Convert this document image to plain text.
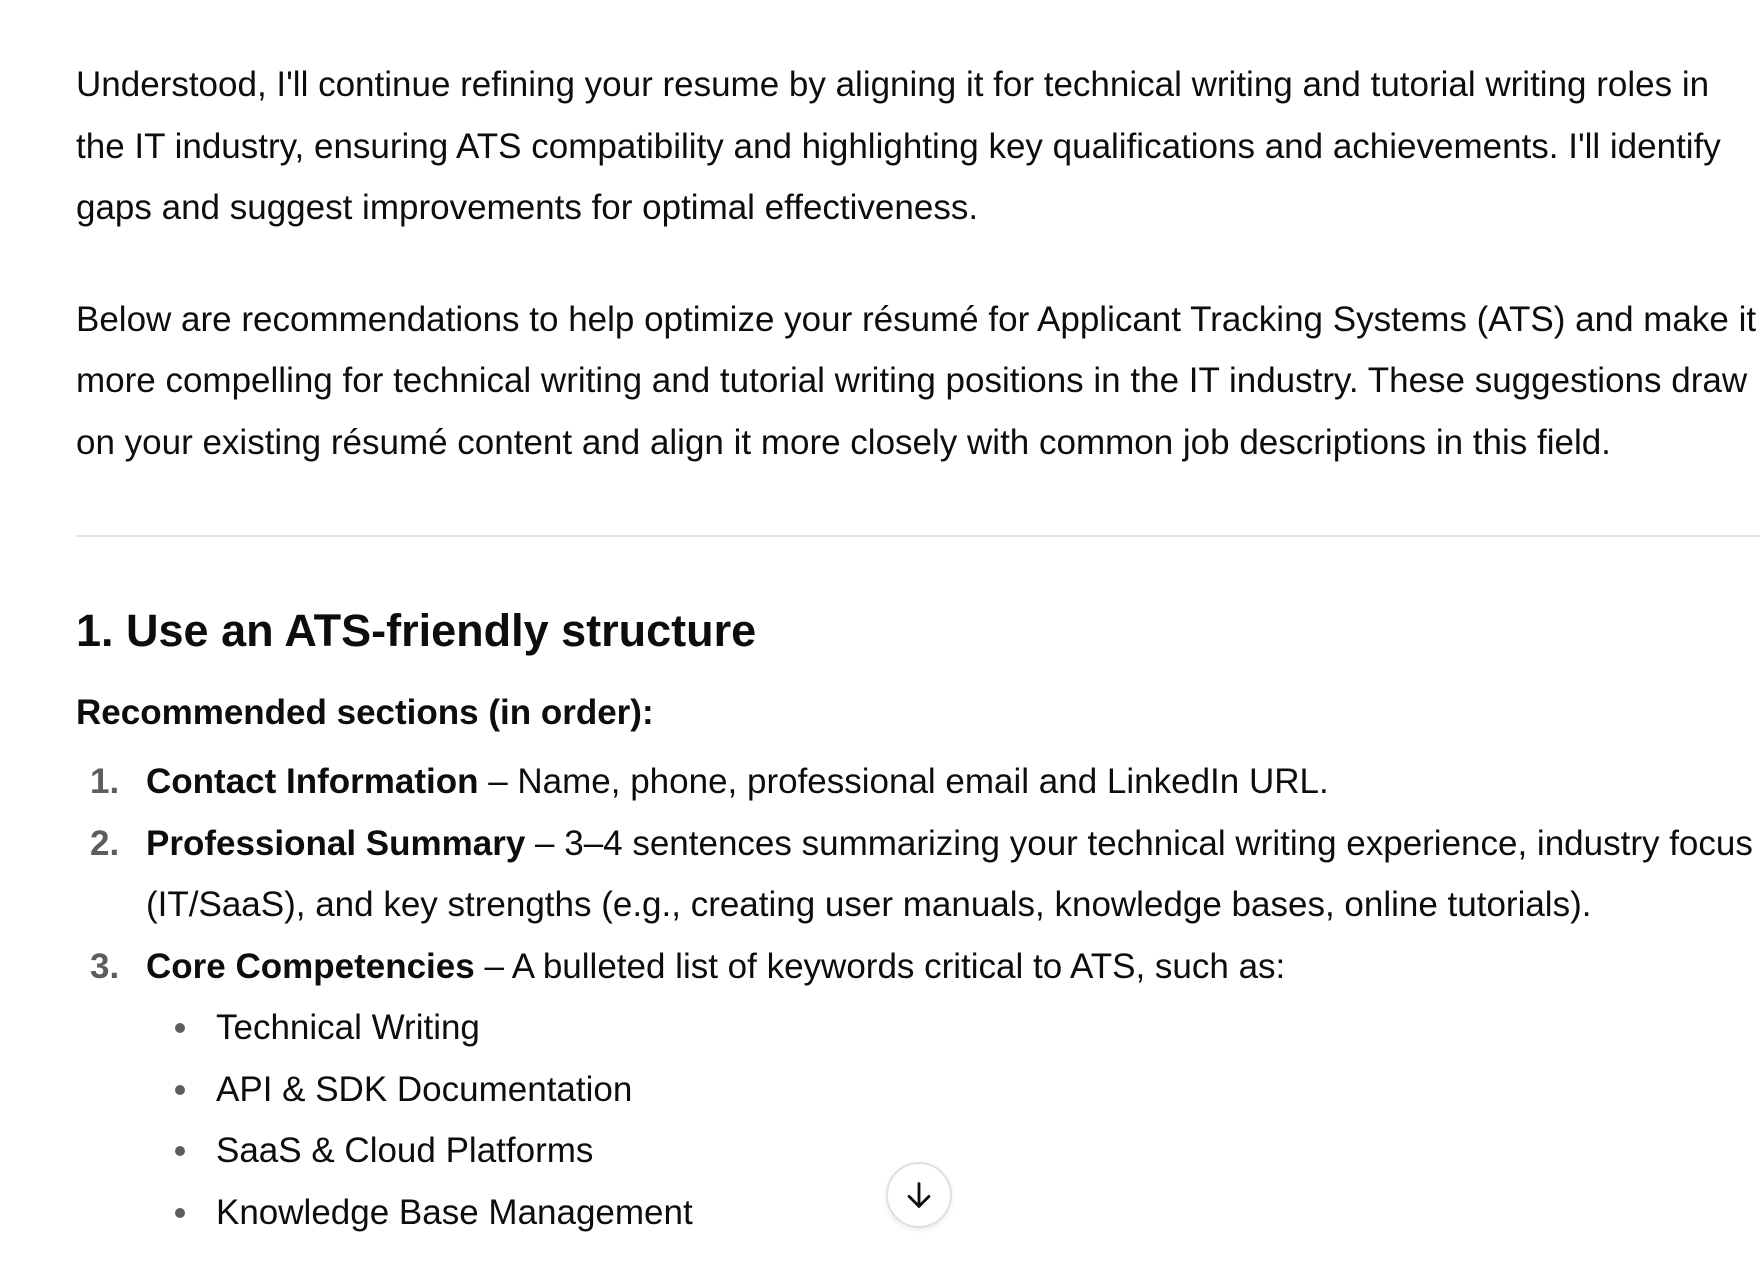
Understood, I'll continue refining your resume by aligning it for technical writing and tutorial writing roles in the IT industry, ensuring ATS compatibility and highlighting key qualifications and achievements. I'll identify gaps and suggest improvements for optimal effectiveness.

Below are recommendations to help optimize your résumé for Applicant Tracking Systems (ATS) and make it more compelling for technical writing and tutorial writing positions in the IT industry. These suggestions draw on your existing résumé content and align it more closely with common job descriptions in this field.

1. Use an ATS-friendly structure
Recommended sections (in order):
1. Contact Information – Name, phone, professional email and LinkedIn URL.
2. Professional Summary – 3–4 sentences summarizing your technical writing experience, industry focus (IT/SaaS), and key strengths (e.g., creating user manuals, knowledge bases, online tutorials).
3. Core Competencies – A bulleted list of keywords critical to ATS, such as:
Technical Writing
API & SDK Documentation
SaaS & Cloud Platforms
Knowledge Base Management
